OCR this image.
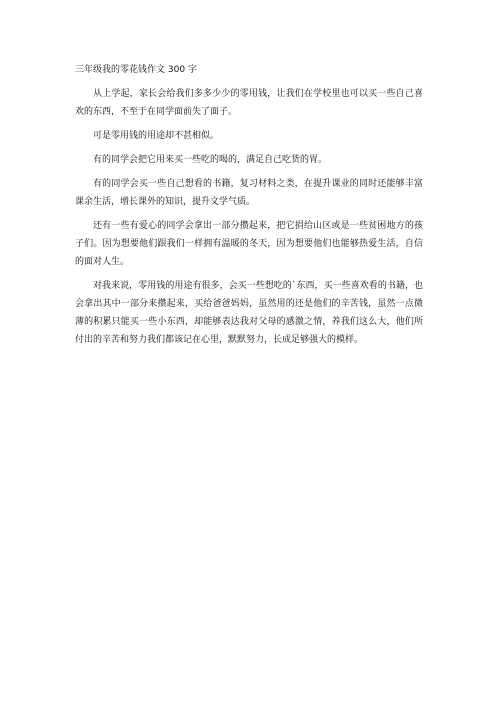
三年级我的零花钱作文 300 字

从上学起，家长会给我们多多少少的零用钱，让我们在学校里也可以买一些自己喜欢的东西，不至于在同学面前失了面子。

可是零用钱的用途却不甚相似。

有的同学会把它用来买一些吃的喝的，满足自己吃货的胃。

有的同学会买一些自己想看的书籍，复习材料之类，在提升课业的同时还能够丰富课余生活，增长课外的知识，提升文学气质。

还有一些有爱心的同学会拿出一部分攒起来，把它捐给山区或是一些贫困地方的孩子们。因为想要他们跟我们一样拥有温暖的冬天，因为想要他们也能够热爱生活，自信的面对人生。

对我来说，零用钱的用途有很多，会买一些想吃的`东西，买一些喜欢看的书籍，也会拿出其中一部分来攒起来，买给爸爸妈妈，虽然用的还是他们的辛苦钱，虽然一点微薄的积累只能买一些小东西，却能够表达我对父母的感激之情，养我们这么大，他们所付出的辛苦和努力我们都该记在心里，默默努力，长成足够强大的模样。
